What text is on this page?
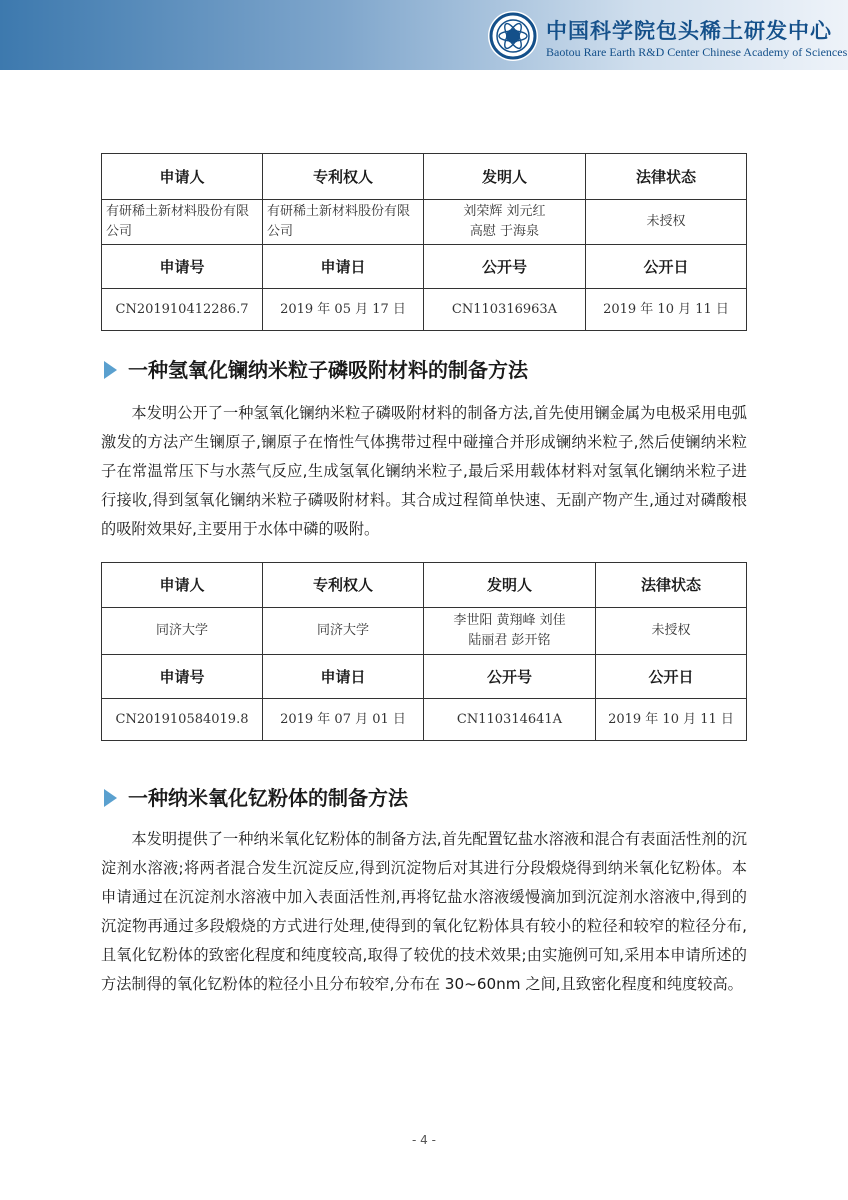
中国科学院包头稀土研发中心
Baotou Rare Earth R&D Center Chinese Academy of Sciences
申请人	专利权人	发明人	法律状态
有研稀土新材料股份有限公司	有研稀土新材料股份有限公司	刘荣辉 刘元红
高慰 于海泉	未授权
申请号	申请日	公开号	公开日
CN201910412286.7	2019 年 05 月 17 日	CN110316963A	2019 年 10 月 11 日
一种氢氧化镧纳米粒子磷吸附材料的制备方法

本发明公开了一种氢氧化镧纳米粒子磷吸附材料的制备方法,首先使用镧金属为电极采用电弧激发的方法产生镧原子,镧原子在惰性气体携带过程中碰撞合并形成镧纳米粒子,然后使镧纳米粒子在常温常压下与水蒸气反应,生成氢氧化镧纳米粒子,最后采用载体材料对氢氧化镧纳米粒子进行接收,得到氢氧化镧纳米粒子磷吸附材料。其合成过程简单快速、无副产物产生,通过对磷酸根的吸附效果好,主要用于水体中磷的吸附。

申请人	专利权人	发明人	法律状态
同济大学	同济大学	李世阳 黄翔峰 刘佳
陆丽君 彭开铭	未授权
申请号	申请日	公开号	公开日
CN201910584019.8	2019 年 07 月 01 日	CN110314641A	2019 年 10 月 11 日
一种纳米氧化钇粉体的制备方法

本发明提供了一种纳米氧化钇粉体的制备方法,首先配置钇盐水溶液和混合有表面活性剂的沉淀剂水溶液;将两者混合发生沉淀反应,得到沉淀物后对其进行分段煅烧得到纳米氧化钇粉体。本申请通过在沉淀剂水溶液中加入表面活性剂,再将钇盐水溶液缓慢滴加到沉淀剂水溶液中,得到的沉淀物再通过多段煅烧的方式进行处理,使得到的氧化钇粉体具有较小的粒径和较窄的粒径分布,且氧化钇粉体的致密化程度和纯度较高,取得了较优的技术效果;由实施例可知,采用本申请所述的方法制得的氧化钇粉体的粒径小且分布较窄,分布在 30~60nm 之间,且致密化程度和纯度较高。

- 4 -
